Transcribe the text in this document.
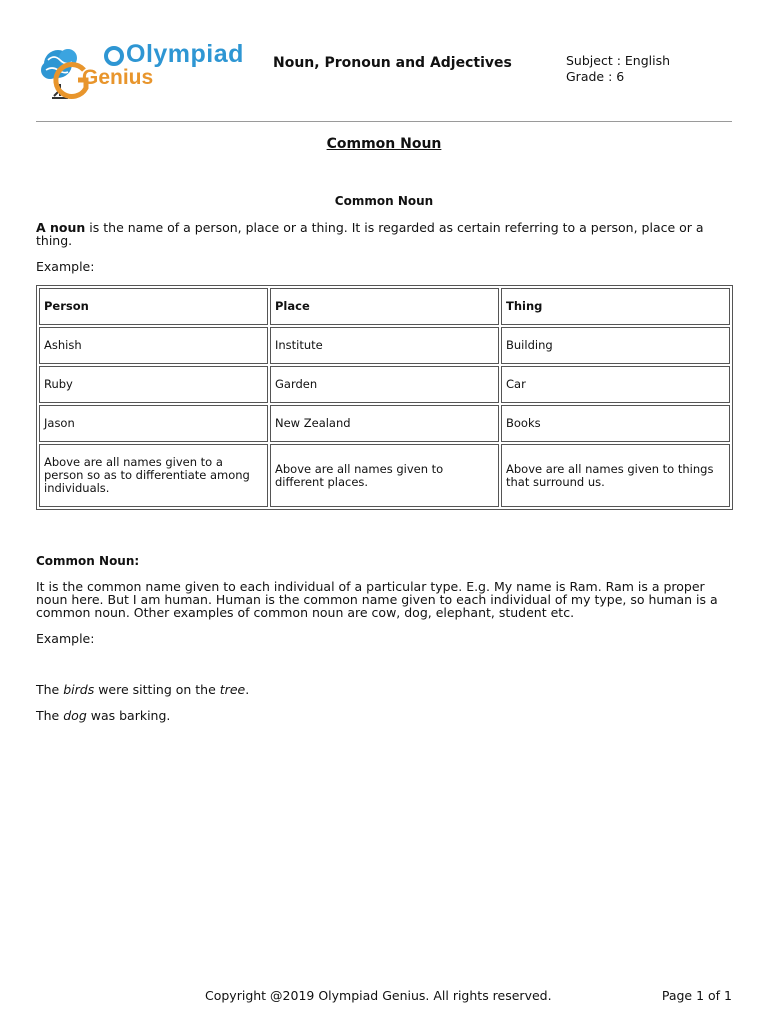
Olympiad
Genius
Noun, Pronoun and Adjectives	Subject : English
Grade : 6
Common Noun
Common Noun
A noun is the name of a person, place or a thing. It is regarded as certain referring to a person, place or a thing.
Example:
Person	Place	Thing
Ashish	Institute	Building
Ruby	Garden	Car
Jason	New Zealand	Books
Above are all names given to a person so as to differentiate among individuals.	Above are all names given to different places.	Above are all names given to things that surround us.
Common Noun:
It is the common name given to each individual of a particular type. E.g. My name is Ram. Ram is a proper noun here. But I am human. Human is the common name given to each individual of my type, so human is a common noun. Other examples of common noun are cow, dog, elephant, student etc.
Example:
The birds were sitting on the tree.
The dog was barking.
Copyright @2019 Olympiad Genius. All rights reserved.	Page 1 of 1
